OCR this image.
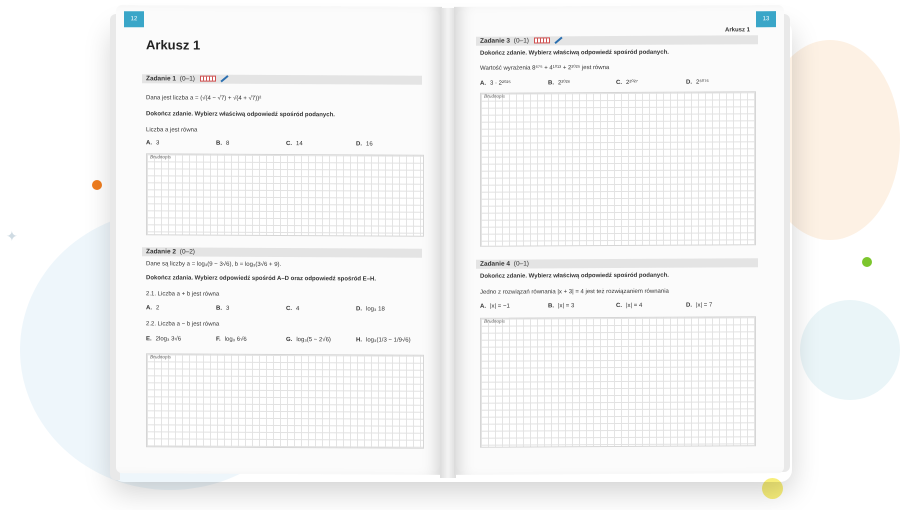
✦
12
Arkusz 1
Zadanie 1 (0–1)
Dana jest liczba a = (√(4 − √7) + √(4 + √7))²
Dokończ zdanie. Wybierz właściwą odpowiedź spośród podanych.
Liczba a jest równa
A. 3	B. 8	C. 14	D. 16
Brudnopis
Zadanie 2 (0–2)
Dane są liczby a = log₃(9 − 3√6), b = log₃(3√6 + 9).
Dokończ zdania. Wybierz odpowiedź spośród A–D oraz odpowiedź spośród E–H.
2.1. Liczba a + b jest równa
A. 2	B. 3	C. 4	D. log₃ 18
2.2. Liczba a − b jest równa
E. 2log₃ 3√6	F. log₃ 6√6	G. log₃(5 − 2√6)	H. log₃(1/3 − 1/9√6)
Brudnopis
13
Arkusz 1
Zadanie 3 (0–1)
Dokończ zdanie. Wybierz właściwą odpowiedź spośród podanych.
Wartość wyrażenia 8⁶⁷⁵ + 4¹⁰¹³ + 2²⁰²⁵ jest równa
A. 3 · 2²⁰²⁵	B. 2²⁰²⁶	C. 2²⁰²⁷	D. 2⁶⁰⁷⁶
Brudnopis
Zadanie 4 (0–1)
Dokończ zdanie. Wybierz właściwą odpowiedź spośród podanych.
Jedno z rozwiązań równania |x + 3| = 4 jest też rozwiązaniem równania
A. |x| = −1	B. |x| = 3	C. |x| = 4	D. |x| = 7
Brudnopis
